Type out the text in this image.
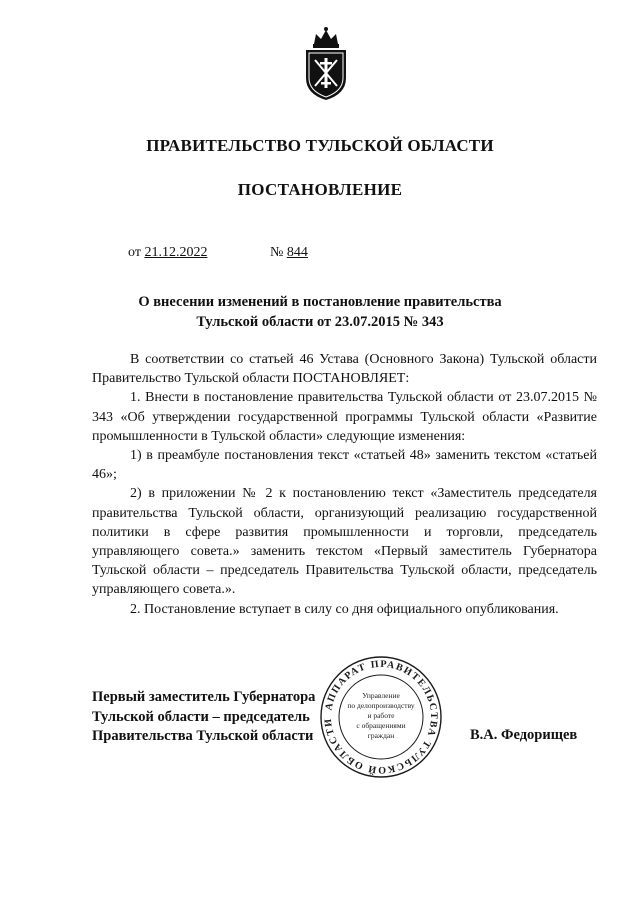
ПРАВИТЕЛЬСТВО ТУЛЬСКОЙ ОБЛАСТИ
ПОСТАНОВЛЕНИЕ
от 21.12.2022	№ 844
О внесении изменений в постановление правительства
Тульской области от 23.07.2015 № 343

В соответствии со статьей 46 Устава (Основного Закона) Тульской области Правительство Тульской области ПОСТАНОВЛЯЕТ:

1. Внести в постановление правительства Тульской области от 23.07.2015 № 343 «Об утверждении государственной программы Тульской области «Развитие промышленности в Тульской области» следующие изменения:

1) в преамбуле постановления текст «статьей 48» заменить текстом «статьей 46»;

2) в приложении № 2 к постановлению текст «Заместитель председателя правительства Тульской области, организующий реализацию государственной политики в сфере развития промышленности и торговли, председатель управляющего совета.» заменить текстом «Первый заместитель Губернатора Тульской области – председатель Правительства Тульской области, председатель управляющего совета.».

2. Постановление вступает в силу со дня официального опубликования.

Первый заместитель Губернатора
Тульской области – председатель
Правительства Тульской области	В.А. Федорищев
АППАРАТ ПРАВИТЕЛЬСТВА ТУЛЬСКОЙ ОБЛАСТИ
Управление
по делопроизводству
и работе
с обращениями
граждан
